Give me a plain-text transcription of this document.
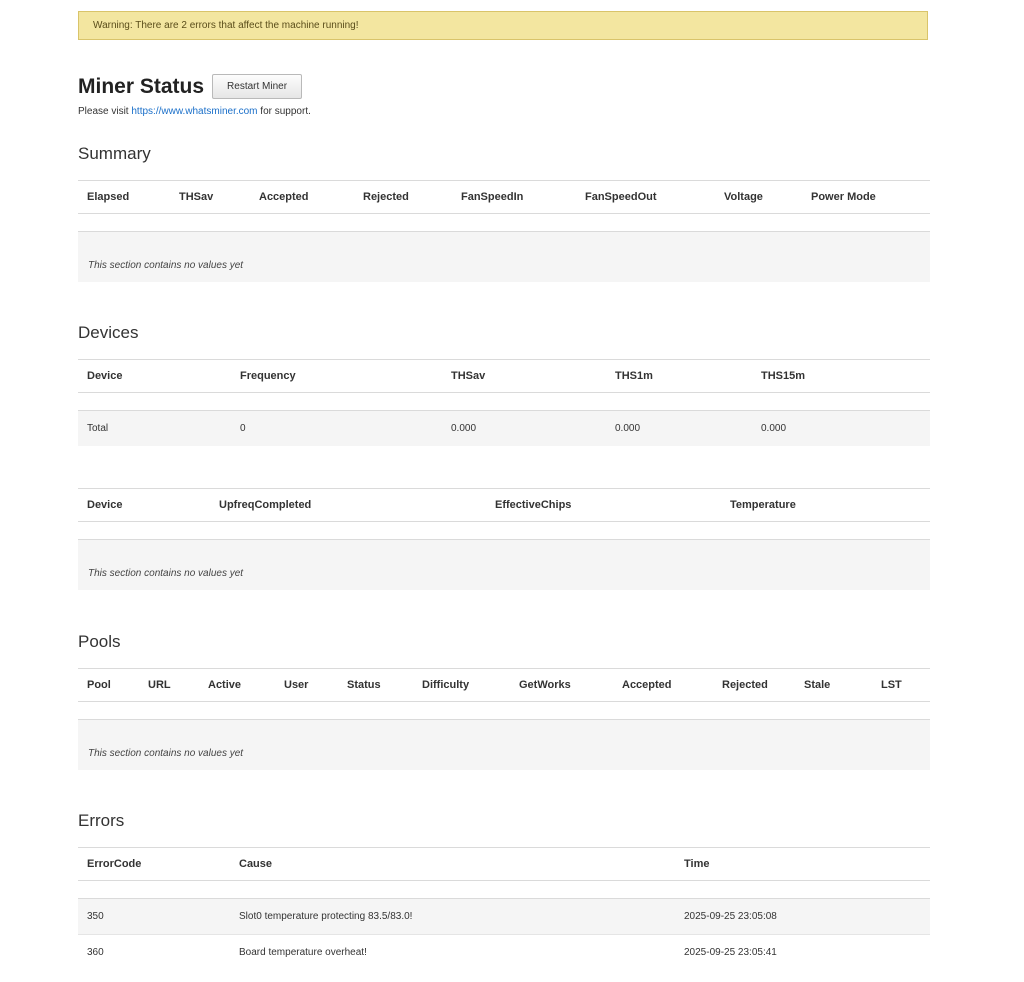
Warning: There are 2 errors that affect the machine running!
Miner Status	Restart Miner
Please visit https://www.whatsminer.com for support.
Summary
Elapsed	THSav	Accepted	Rejected	FanSpeedIn	FanSpeedOut	Voltage	Power Mode
This section contains no values yet
Devices
Device	Frequency	THSav	THS1m	THS15m
Total	0	0.000	0.000	0.000
Device	UpfreqCompleted	EffectiveChips	Temperature
This section contains no values yet
Pools
Pool	URL	Active	User	Status	Difficulty	GetWorks	Accepted	Rejected	Stale	LST
This section contains no values yet
Errors
ErrorCode	Cause	Time
350	Slot0 temperature protecting 83.5/83.0!	2025-09-25 23:05:08
360	Board temperature overheat!	2025-09-25 23:05:41
